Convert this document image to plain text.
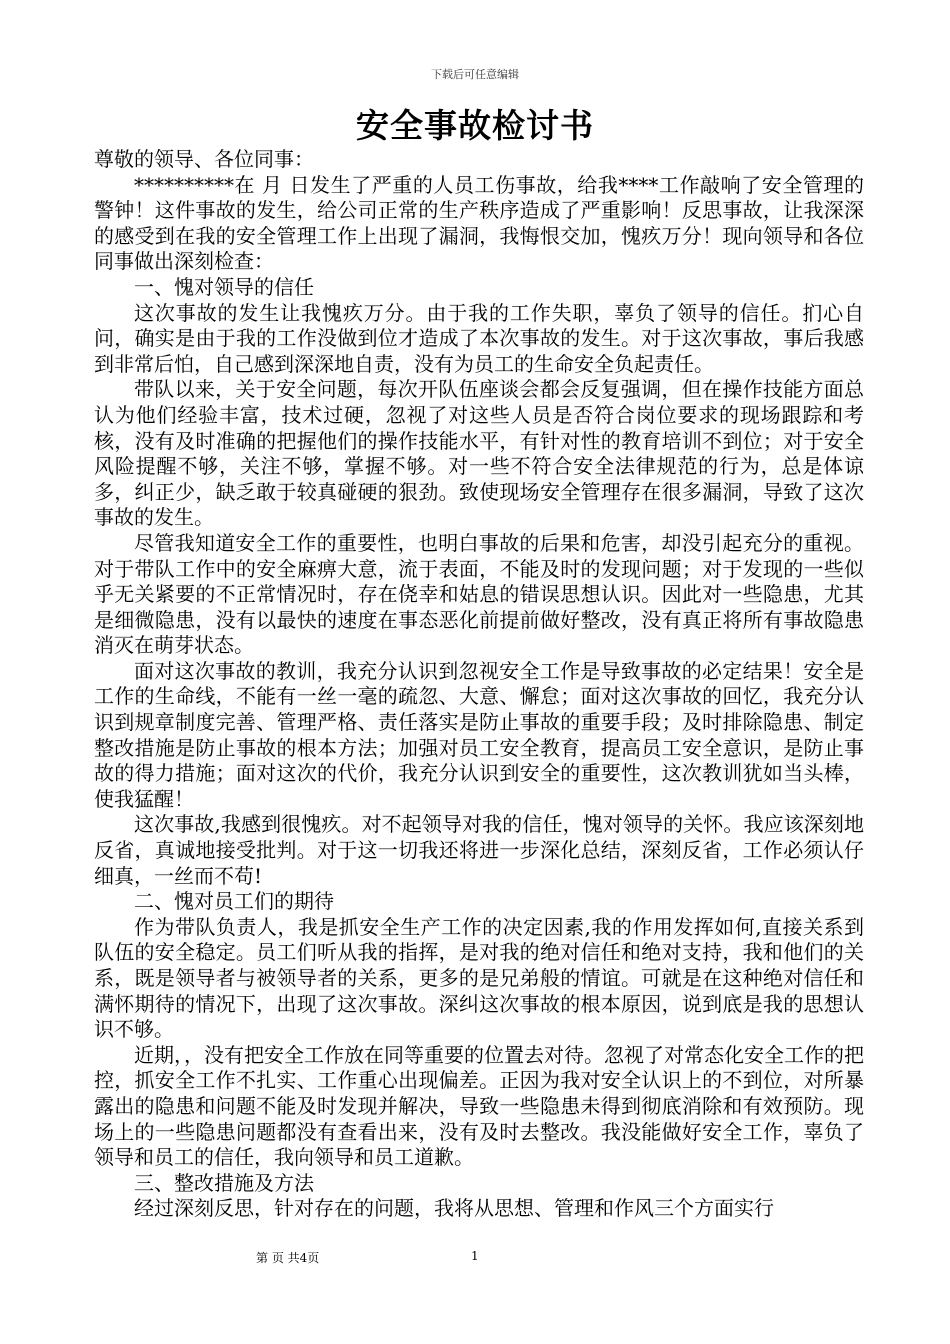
下载后可任意编辑
安全事故检讨书

尊敬的领导、各位同事：

**********在 月 日发生了严重的人员工伤事故，给我****工作敲响了安全管理的警钟！这件事故的发生，给公司正常的生产秩序造成了严重影响！反思事故，让我深深的感受到在我的安全管理工作上出现了漏洞，我悔恨交加，愧疚万分！现向领导和各位同事做出深刻检查：

一、愧对领导的信任

这次事故的发生让我愧疚万分。由于我的工作失职，辜负了领导的信任。扪心自问，确实是由于我的工作没做到位才造成了本次事故的发生。对于这次事故，事后我感到非常后怕，自己感到深深地自责，没有为员工的生命安全负起责任。

带队以来，关于安全问题，每次开队伍座谈会都会反复强调，但在操作技能方面总认为他们经验丰富，技术过硬，忽视了对这些人员是否符合岗位要求的现场跟踪和考核，没有及时准确的把握他们的操作技能水平，有针对性的教育培训不到位；对于安全风险提醒不够，关注不够，掌握不够。对一些不符合安全法律规范的行为，总是体谅多，纠正少，缺乏敢于较真碰硬的狠劲。致使现场安全管理存在很多漏洞，导致了这次事故的发生。

尽管我知道安全工作的重要性，也明白事故的后果和危害，却没引起充分的重视。对于带队工作中的安全麻痹大意，流于表面，不能及时的发现问题；对于发现的一些似乎无关紧要的不正常情况时，存在侥幸和姑息的错误思想认识。因此对一些隐患，尤其是细微隐患，没有以最快的速度在事态恶化前提前做好整改，没有真正将所有事故隐患消灭在萌芽状态。

面对这次事故的教训，我充分认识到忽视安全工作是导致事故的必定结果！安全是工作的生命线，不能有一丝一毫的疏忽、大意、懈怠；面对这次事故的回忆，我充分认识到规章制度完善、管理严格、责任落实是防止事故的重要手段；及时排除隐患、制定整改措施是防止事故的根本方法；加强对员工安全教育，提高员工安全意识，是防止事故的得力措施；面对这次的代价，我充分认识到安全的重要性，这次教训犹如当头棒，使我猛醒！

这次事故,我感到很愧疚。对不起领导对我的信任，愧对领导的关怀。我应该深刻地反省，真诚地接受批判。对于这一切我还将进一步深化总结，深刻反省，工作必须认仔细真，一丝而不苟!

二、愧对员工们的期待

作为带队负责人，我是抓安全生产工作的决定因素,我的作用发挥如何,直接关系到队伍的安全稳定。员工们听从我的指挥，是对我的绝对信任和绝对支持，我和他们的关系，既是领导者与被领导者的关系，更多的是兄弟般的情谊。可就是在这种绝对信任和满怀期待的情况下，出现了这次事故。深纠这次事故的根本原因，说到底是我的思想认识不够。

近期，，没有把安全工作放在同等重要的位置去对待。忽视了对常态化安全工作的把控，抓安全工作不扎实、工作重心出现偏差。正因为我对安全认识上的不到位，对所暴露出的隐患和问题不能及时发现并解决，导致一些隐患未得到彻底消除和有效预防。现场上的一些隐患问题都没有查看出来，没有及时去整改。我没能做好安全工作，辜负了领导和员工的信任，我向领导和员工道歉。

三、整改措施及方法

经过深刻反思，针对存在的问题，我将从思想、管理和作风三个方面实行

第 页 共4页	1
